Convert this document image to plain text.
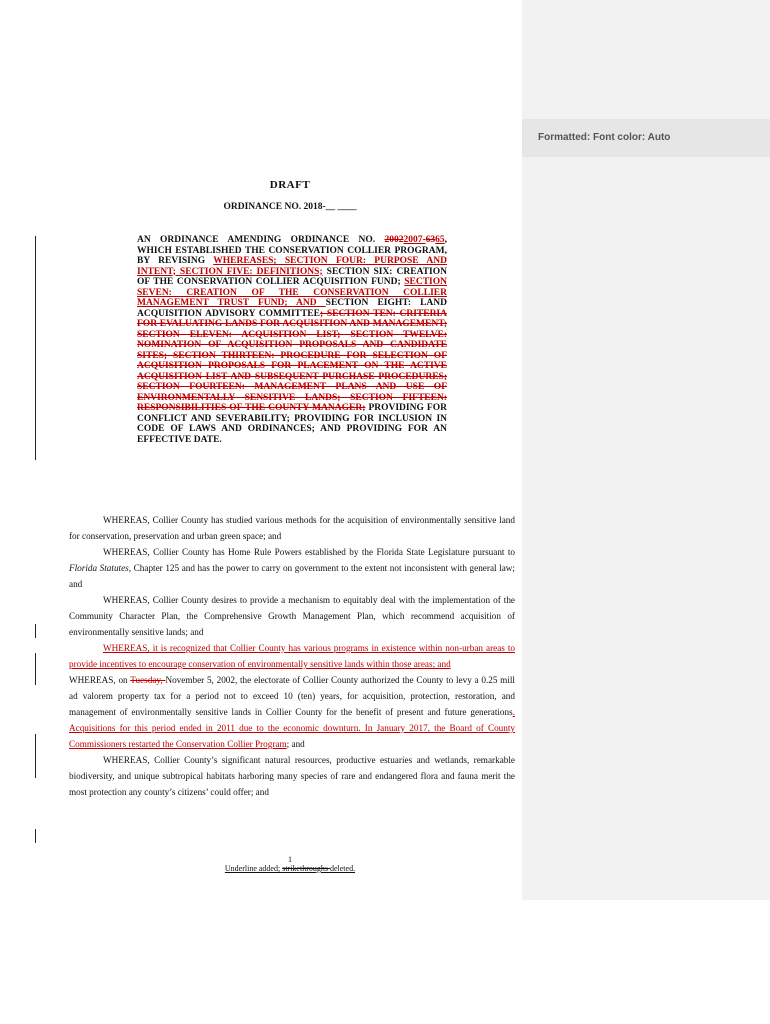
Formatted: Font color: Auto
DRAFT
ORDINANCE NO. 2018-__ ____

AN ORDINANCE AMENDING ORDINANCE NO. 20022007-6365, WHICH ESTABLISHED THE CONSERVATION COLLIER PROGRAM, BY REVISING WHEREASES; SECTION FOUR: PURPOSE AND INTENT; SECTION FIVE: DEFINITIONS; SECTION SIX: CREATION OF THE CONSERVATION COLLIER ACQUISITION FUND; SECTION SEVEN: CREATION OF THE CONSERVATION COLLIER MANAGEMENT TRUST FUND; AND SECTION EIGHT: LAND ACQUISITION ADVISORY COMMITTEE; SECTION TEN: CRITERIA FOR EVALUATING LANDS FOR ACQUISITION AND MANAGEMENT; SECTION ELEVEN: ACQUISITION LIST; SECTION TWELVE: NOMINATION OF ACQUISITION PROPOSALS AND CANDIDATE SITES; SECTION THIRTEEN: PROCEDURE FOR SELECTION OF ACQUISITION PROPOSALS FOR PLACEMENT ON THE ACTIVE ACQUISITION LIST AND SUBSEQUENT PURCHASE PROCEDURES; SECTION FOURTEEN: MANAGEMENT PLANS AND USE OF ENVIRONMENTALLY SENSITIVE LANDS; SECTION FIFTEEN: RESPONSIBILITIES OF THE COUNTY MANAGER; PROVIDING FOR CONFLICT AND SEVERABILITY; PROVIDING FOR INCLUSION IN CODE OF LAWS AND ORDINANCES; AND PROVIDING FOR AN EFFECTIVE DATE.

WHEREAS, Collier County has studied various methods for the acquisition of environmentally sensitive land for conservation, preservation and urban green space; and

WHEREAS, Collier County has Home Rule Powers established by the Florida State Legislature pursuant to Florida Statutes, Chapter 125 and has the power to carry on government to the extent not inconsistent with general law; and

WHEREAS, Collier County desires to provide a mechanism to equitably deal with the implementation of the Community Character Plan, the Comprehensive Growth Management Plan, which recommend acquisition of environmentally sensitive lands; and

WHEREAS, it is recognized that Collier County has various programs in existence within non-urban areas to provide incentives to encourage conservation of environmentally sensitive lands within those areas; and

WHEREAS, on Tuesday, November 5, 2002, the electorate of Collier County authorized the County to levy a 0.25 mill ad valorem property tax for a period not to exceed 10 (ten) years, for acquisition, protection, restoration, and management of environmentally sensitive lands in Collier County for the benefit of present and future generations. Acquisitions for this period ended in 2011 due to the economic downturn. In January 2017, the Board of County Commissioners restarted the Conservation Collier Program; and

WHEREAS, Collier County’s significant natural resources, productive estuaries and wetlands, remarkable biodiversity, and unique subtropical habitats harboring many species of rare and endangered flora and fauna merit the most protection any county’s citizens’ could offer; and

1
Underline added; strikethroughs deleted.
